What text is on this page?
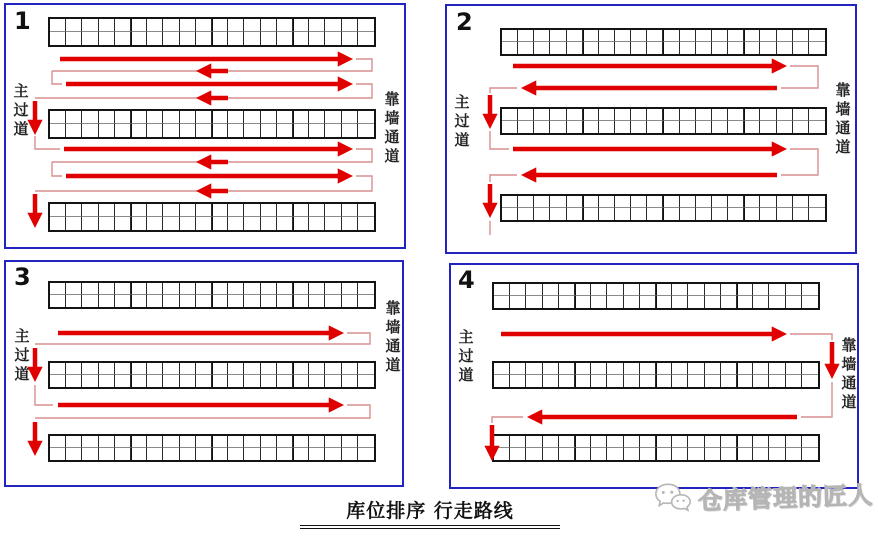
1
主过道	靠墙通道
2
主过道	靠墙通道
3
主过道	靠墙通道
4
主过道	靠墙通道
库位排序 行走路线	仓库管理的匠人
